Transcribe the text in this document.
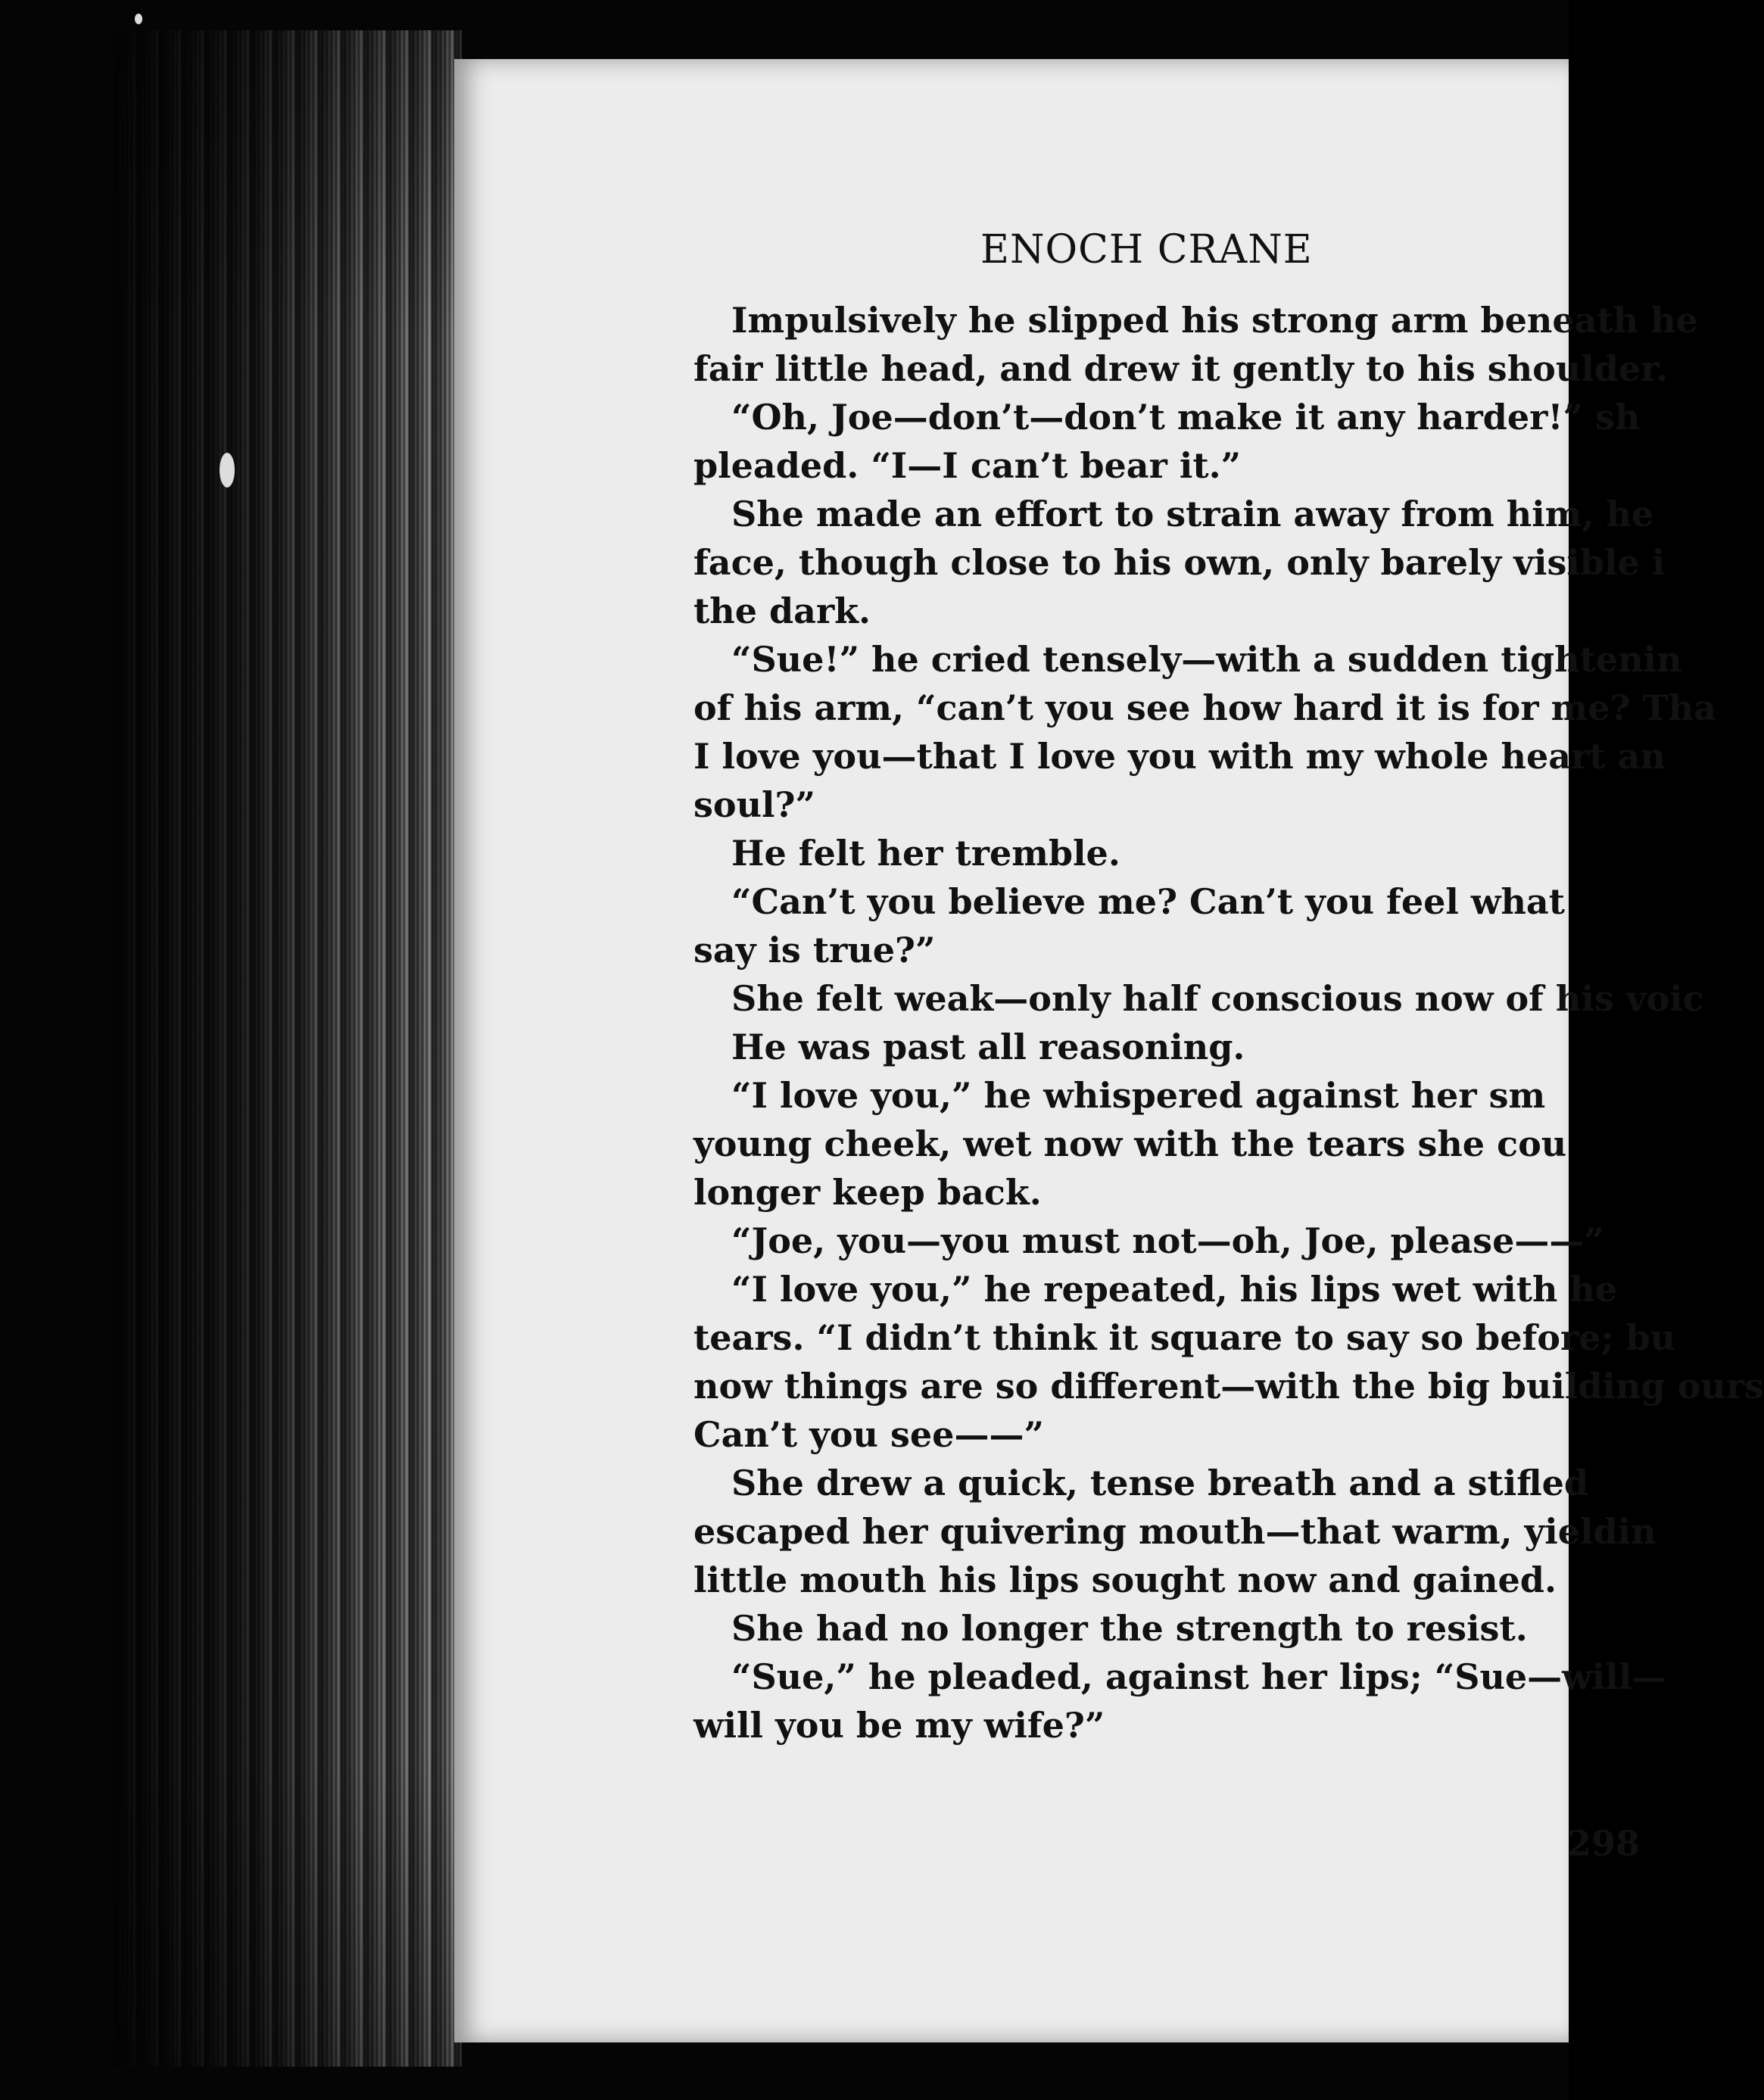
ENOCH CRANE
Impulsively he slipped his strong arm beneath he
fair little head, and drew it gently to his shoulder.
“Oh, Joe—don’t—don’t make it any harder!” sh
pleaded. “I—I can’t bear it.”
She made an effort to strain away from him, he
face, though close to his own, only barely visible i
the dark.
“Sue!” he cried tensely—with a sudden tightenin
of his arm, “can’t you see how hard it is for me? Tha
I love you—that I love you with my whole heart an
soul?”
He felt her tremble.
“Can’t you believe me? Can’t you feel what
say is true?”
She felt weak—only half conscious now of his voic
He was past all reasoning.
“I love you,” he whispered against her sm
young cheek, wet now with the tears she cou
longer keep back.
“Joe, you—you must not—oh, Joe, please——”
“I love you,” he repeated, his lips wet with he
tears. “I didn’t think it square to say so before; bu
now things are so different—with the big building ours
Can’t you see——”
She drew a quick, tense breath and a stifled
escaped her quivering mouth—that warm, yieldin
little mouth his lips sought now and gained.
She had no longer the strength to resist.
“Sue,” he pleaded, against her lips; “Sue—will—
will you be my wife?”
298
